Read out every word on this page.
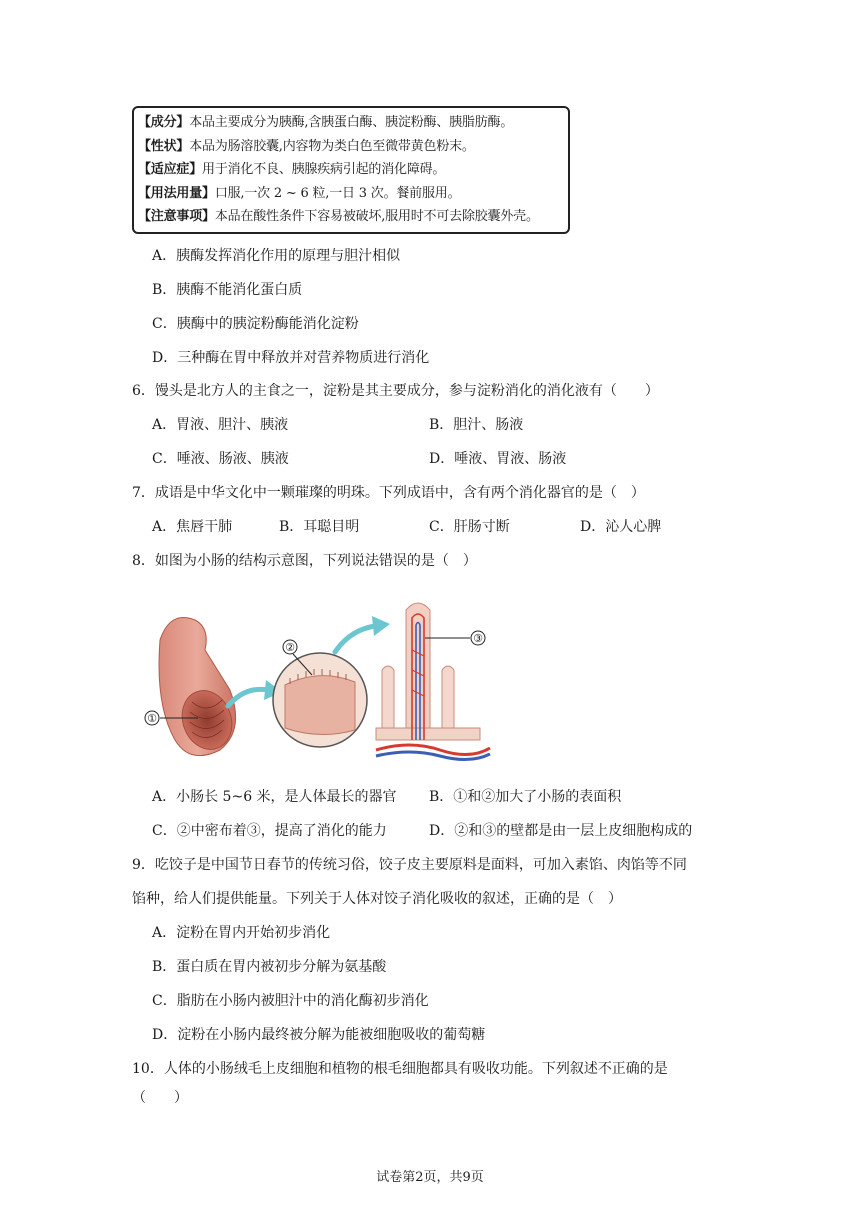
【成分】本品主要成分为胰酶,含胰蛋白酶、胰淀粉酶、胰脂肪酶。
【性状】本品为肠溶胶囊,内容物为类白色至微带黄色粉末。
【适应症】用于消化不良、胰腺疾病引起的消化障碍。
【用法用量】口服,一次 2 ~ 6 粒,一日 3 次。餐前服用。
【注意事项】本品在酸性条件下容易被破坏,服用时不可去除胶囊外壳。
A．胰酶发挥消化作用的原理与胆汁相似
B．胰酶不能消化蛋白质
C．胰酶中的胰淀粉酶能消化淀粉
D．三种酶在胃中释放并对营养物质进行消化
6．馒头是北方人的主食之一，淀粉是其主要成分，参与淀粉消化的消化液有（　　）
A．胃液、胆汁、胰液	B．胆汁、肠液
C．唾液、肠液、胰液	D．唾液、胃液、肠液
7．成语是中华文化中一颗璀璨的明珠。下列成语中，含有两个消化器官的是（　）
A．焦唇干肺	B．耳聪目明	C．肝肠寸断	D．沁人心脾
8．如图为小肠的结构示意图，下列说法错误的是（　）
②
①
③
A．小肠长 5~6 米，是人体最长的器官 B．①和②加大了小肠的表面积
C．②中密布着③，提高了消化的能力	D．②和③的壁都是由一层上皮细胞构成的
9．吃饺子是中国节日春节的传统习俗，饺子皮主要原料是面料，可加入素馅、肉馅等不同
馅种，给人们提供能量。下列关于人体对饺子消化吸收的叙述，正确的是（　）
A．淀粉在胃内开始初步消化
B．蛋白质在胃内被初步分解为氨基酸
C．脂肪在小肠内被胆汁中的消化酶初步消化
D．淀粉在小肠内最终被分解为能被细胞吸收的葡萄糖
10．人体的小肠绒毛上皮细胞和植物的根毛细胞都具有吸收功能。下列叙述不正确的是
（　　）
试卷第2页，共9页
